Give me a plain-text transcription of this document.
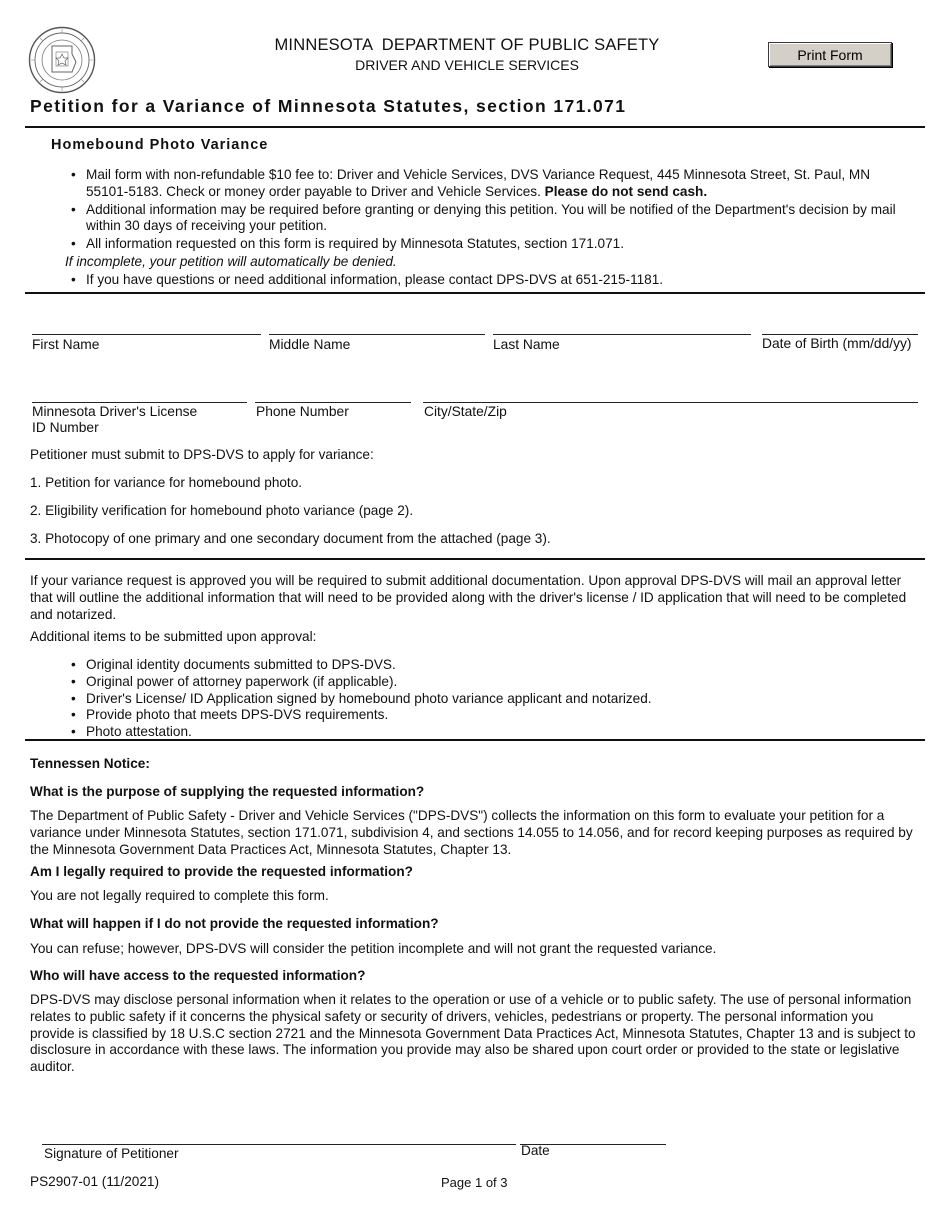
MINNESOTA  DEPARTMENT OF PUBLIC SAFETY
DRIVER AND VEHICLE SERVICES
Print Form
Petition for a Variance of Minnesota Statutes, section 171.071
Homebound Photo Variance
• Mail form with non-refundable $10 fee to: Driver and Vehicle Services, DVS Variance Request, 445 Minnesota Street, St. Paul, MN 55101-5183. Check or money order payable to Driver and Vehicle Services. Please do not send cash.
• Additional information may be required before granting or denying this petition. You will be notified of the Department's decision by mail within 30 days of receiving your petition.
• All information requested on this form is required by Minnesota Statutes, section 171.071.
If incomplete, your petition will automatically be denied.
• If you have questions or need additional information, please contact DPS-DVS at 651-215-1181.
First Name	Middle Name	Last Name	Date of Birth (mm/dd/yy)
Minnesota Driver's License
ID Number
Phone Number	City/State/Zip
Petitioner must submit to DPS-DVS to apply for variance:
1. Petition for variance for homebound photo.
2. Eligibility verification for homebound photo variance (page 2).
3. Photocopy of one primary and one secondary document from the attached (page 3).

If your variance request is approved you will be required to submit additional documentation. Upon approval DPS-DVS will mail an approval letter that will outline the additional information that will need to be provided along with the driver's license / ID application that will need to be completed and notarized.

Additional items to be submitted upon approval:
• Original identity documents submitted to DPS-DVS.
• Original power of attorney paperwork (if applicable).
• Driver's License/ ID Application signed by homebound photo variance applicant and notarized.
• Provide photo that meets DPS-DVS requirements.
• Photo attestation.
Tennessen Notice:
What is the purpose of supplying the requested information?

The Department of Public Safety - Driver and Vehicle Services ("DPS-DVS") collects the information on this form to evaluate your petition for a variance under Minnesota Statutes, section 171.071, subdivision 4, and sections 14.055 to 14.056, and for record keeping purposes as required by the Minnesota Government Data Practices Act, Minnesota Statutes, Chapter 13.

Am I legally required to provide the requested information?
You are not legally required to complete this form.
What will happen if I do not provide the requested information?
You can refuse; however, DPS-DVS will consider the petition incomplete and will not grant the requested variance.
Who will have access to the requested information?

DPS-DVS may disclose personal information when it relates to the operation or use of a vehicle or to public safety. The use of personal information relates to public safety if it concerns the physical safety or security of drivers, vehicles, pedestrians or property. The personal information you provide is classified by 18 U.S.C section 2721 and the Minnesota Government Data Practices Act, Minnesota Statutes, Chapter 13 and is subject to disclosure in accordance with these laws. The information you provide may also be shared upon court order or provided to the state or legislative auditor.

Signature of Petitioner	Date
PS2907-01 (11/2021)	Page 1 of 3
